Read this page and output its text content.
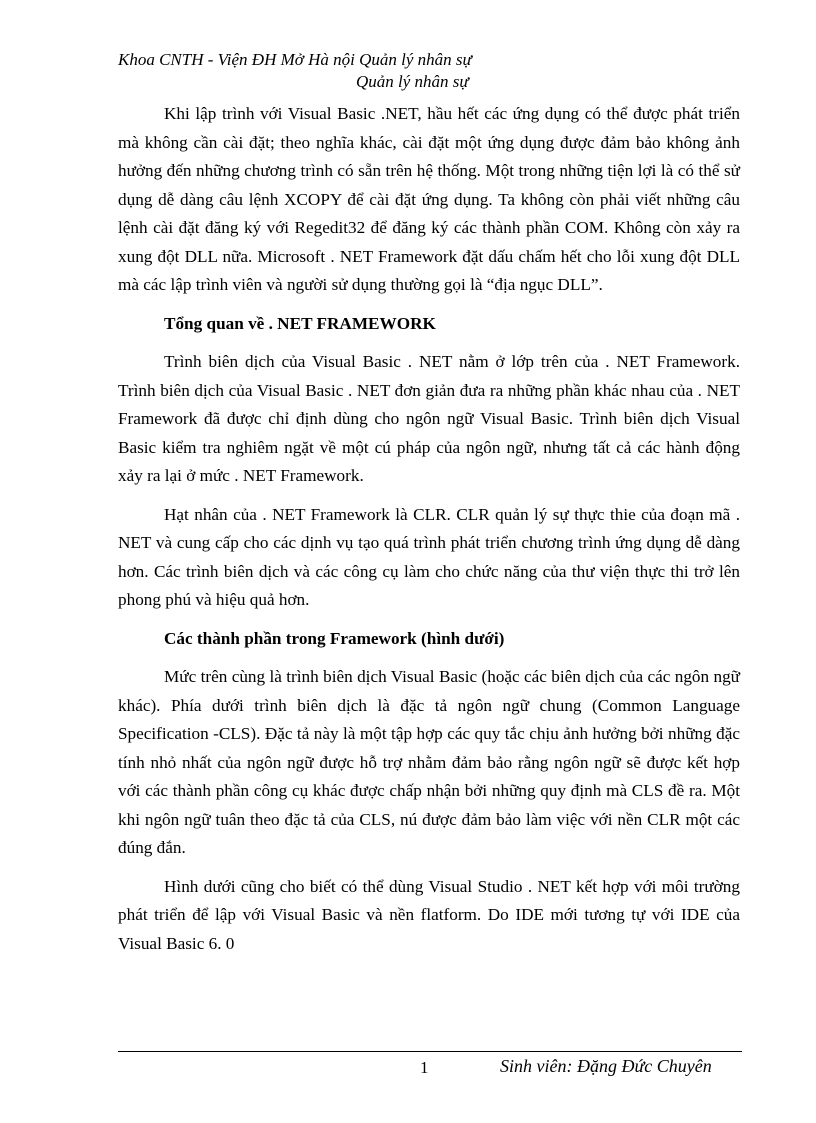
Khoa CNTH - Viện ĐH Mở Hà nội Quản lý nhân sự
Quản lý nhân sự

Khi lập trình với Visual Basic .NET, hầu hết các ứng dụng có thể được phát triển mà không cần cài đặt; theo nghĩa khác, cài đặt một ứng dụng được đảm bảo không ảnh hưởng đến những chương trình có sẵn trên hệ thống. Một trong những tiện lợi là có thể sử dụng dễ dàng câu lệnh XCOPY để cài đặt ứng dụng. Ta không còn phải viết những câu lệnh cài đặt đăng ký với Regedit32 để đăng ký các thành phần COM. Không còn xảy ra xung đột DLL nữa. Microsoft . NET Framework đặt dấu chấm hết cho lỗi xung đột DLL mà các lập trình viên và người sử dụng thường gọi là “địa ngục DLL”.

Tổng quan về . NET FRAMEWORK

Trình biên dịch của Visual Basic . NET nằm ở lớp trên của . NET Framework. Trình biên dịch của Visual Basic . NET đơn giản đưa ra những phần khác nhau của . NET Framework đã được chỉ định dùng cho ngôn ngữ Visual Basic. Trình biên dịch Visual Basic kiểm tra nghiêm ngặt về một cú pháp của ngôn ngữ, nhưng tất cả các hành động xảy ra lại ở mức . NET Framework.

Hạt nhân của . NET Framework là CLR. CLR quản lý sự thực thie của đoạn mã . NET và cung cấp cho các dịnh vụ tạo quá trình phát triển chương trình ứng dụng dễ dàng hơn. Các trình biên dịch và các công cụ làm cho chức năng của thư viện thực thi trở lên phong phú và hiệu quả hơn.

Các thành phần trong Framework (hình dưới)

Mức trên cùng là trình biên dịch Visual Basic (hoặc các biên dịch của các ngôn ngữ khác). Phía dưới trình biên dịch là đặc tả ngôn ngữ chung (Common Language Specification -CLS). Đặc tả này là một tập hợp các quy tắc chịu ảnh hưởng bởi những đặc tính nhỏ nhất của ngôn ngữ được hỗ trợ nhằm đảm bảo rằng ngôn ngữ sẽ được kết hợp với các thành phần công cụ khác được chấp nhận bởi những quy định mà CLS đề ra. Một khi ngôn ngữ tuân theo đặc tả của CLS, nú được đảm bảo làm việc với nền CLR một các đúng đắn.

Hình dưới cũng cho biết có thể dùng Visual Studio . NET kết hợp với môi trường phát triển để lập với Visual Basic và nền flatform. Do IDE mới tương tự với IDE của Visual Basic 6. 0

1	Sinh viên: Đặng Đức Chuyên
